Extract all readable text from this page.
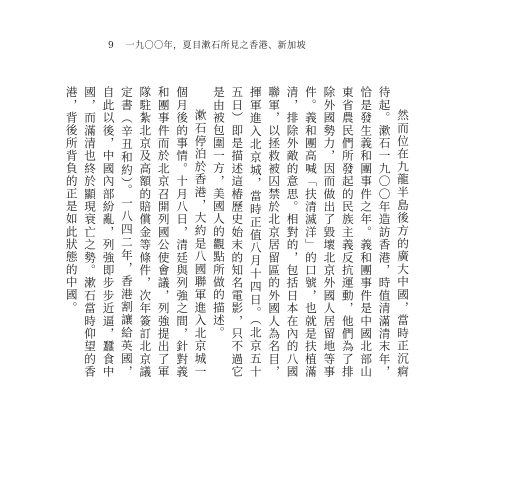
9 一九〇〇年，夏目漱石所見之香港、新加坡

然而位在九龍半島後方的廣大中國，當時正沉痾待起。漱石一九〇〇年造訪香港，時值清滿清末年，恰是發生義和團事件之年。義和團事件是中國北部山東省農民們所發起的民族主義反抗運動，他們為了排除外國勢力，因而做出了毀壞北京外國人居留地等事件。義和團高喊「扶清滅洋」的口號，也就是扶植滿清，排除外敵的意思。相對的，包括日本在內的八國聯軍，以拯救被囚禁於北京居留區的外國人為名目，揮軍進入北京城，當時正值八月十四日。（北京五十五日）即是描述這椿歷史始末的知名電影，只不過它是由被包圍一方，美國人的觀點所做的描述。

漱石停泊於香港，大約是八國聯軍進入北京城一個月後的事情。十月八日，清廷與列強之間，針對義和團事件而於北京召開列國公使會議，列強提出了軍隊駐紮北京及高額的賠償金等條件，次年簽訂北京議定書（辛丑和約）。一八四二年，香港割讓給英國，自此以後，中國內部紛亂，列強即步步近逼，蠶食中國，而滿清也終於顯現衰亡之勢。漱石當時仰望的香港，背後所背負的正是如此狀態的中國。
